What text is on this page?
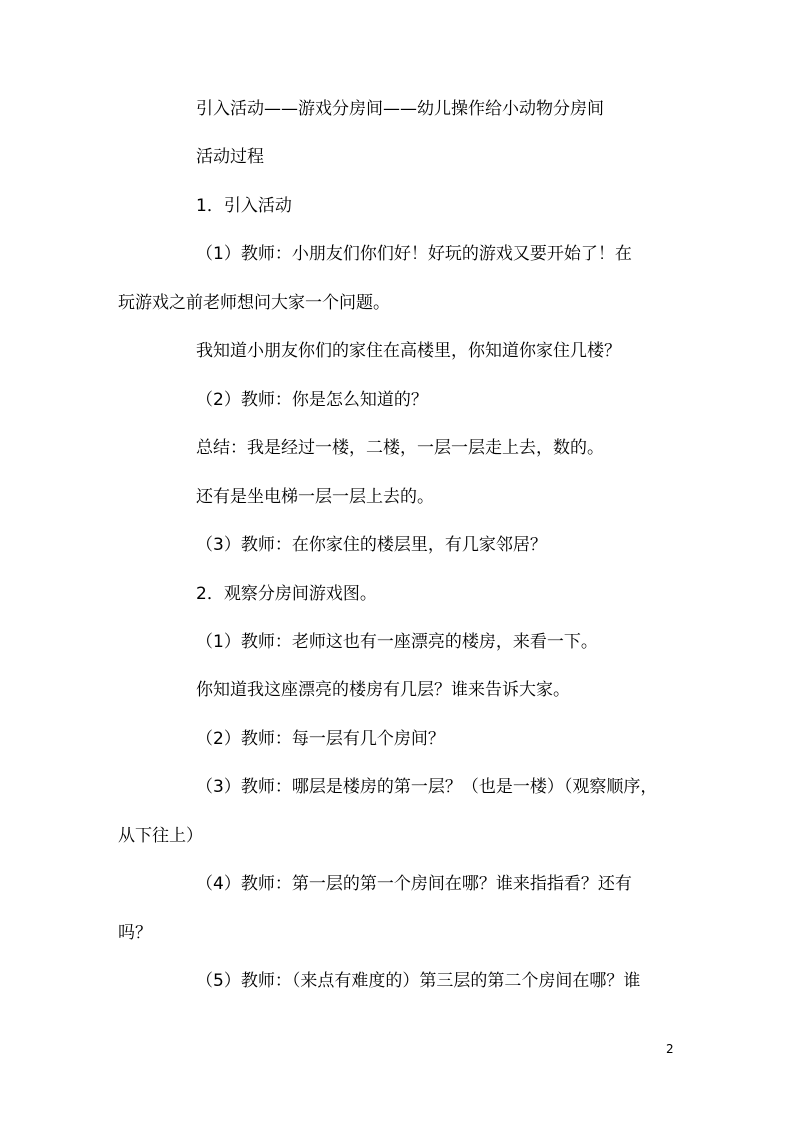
引入活动——游戏分房间——幼儿操作给小动物分房间
活动过程
1．引入活动
（1）教师：小朋友们你们好！好玩的游戏又要开始了！在
玩游戏之前老师想问大家一个问题。
我知道小朋友你们的家住在高楼里，你知道你家住几楼？
（2）教师：你是怎么知道的？
总结：我是经过一楼，二楼，一层一层走上去，数的。
还有是坐电梯一层一层上去的。
（3）教师：在你家住的楼层里，有几家邻居？
2．观察分房间游戏图。
（1）教师：老师这也有一座漂亮的楼房，来看一下。
你知道我这座漂亮的楼房有几层？谁来告诉大家。
（2）教师：每一层有几个房间？
（3）教师：哪层是楼房的第一层？（也是一楼）（观察顺序，
从下往上）
（4）教师：第一层的第一个房间在哪？谁来指指看？还有
吗？
（5）教师：（来点有难度的）第三层的第二个房间在哪？谁
2
